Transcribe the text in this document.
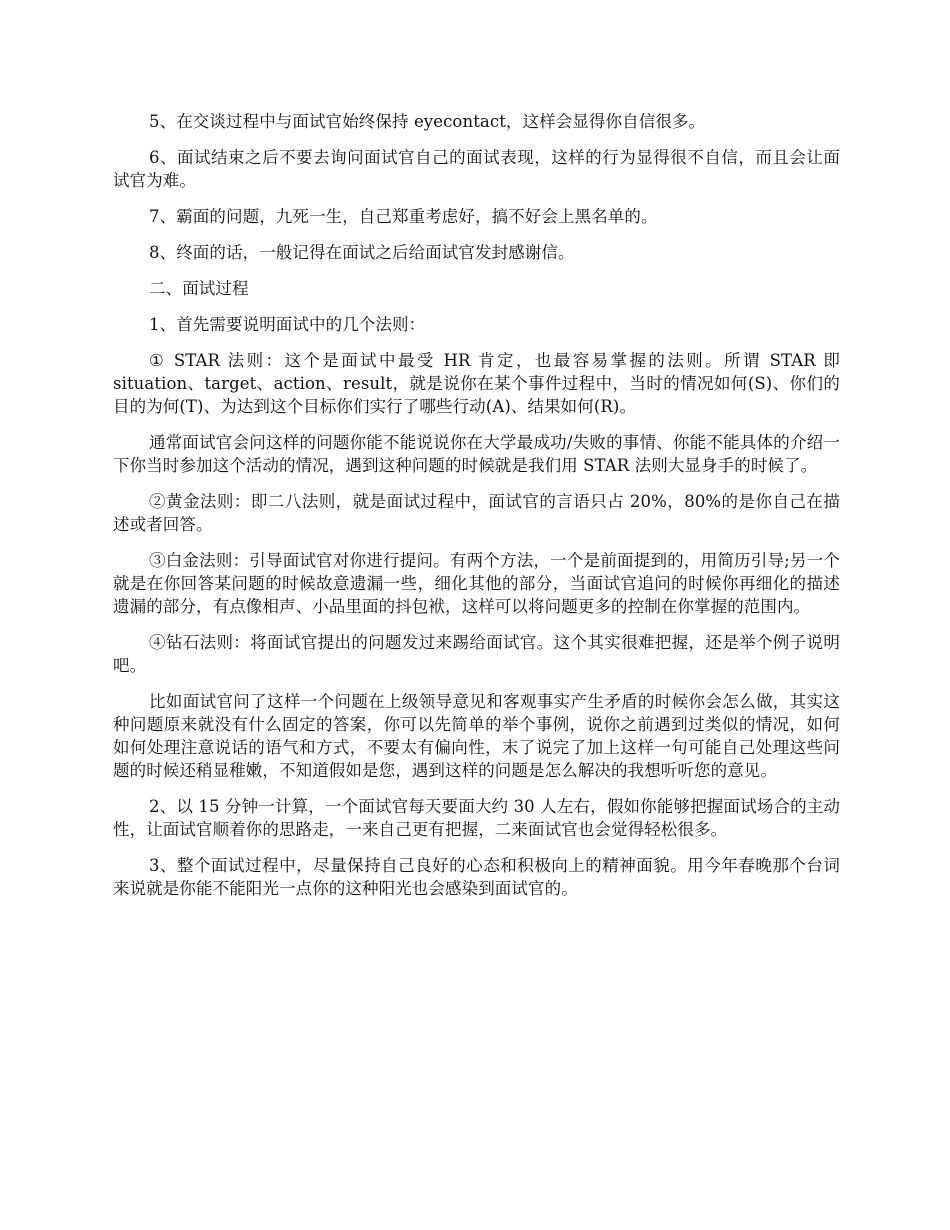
5、在交谈过程中与面试官始终保持 eyecontact，这样会显得你自信很多。

6、面试结束之后不要去询问面试官自己的面试表现，这样的行为显得很不自信，而且会让面试官为难。

7、霸面的问题，九死一生，自己郑重考虑好，搞不好会上黑名单的。

8、终面的话，一般记得在面试之后给面试官发封感谢信。

二、面试过程

1、首先需要说明面试中的几个法则：

① STAR 法则：这个是面试中最受 HR 肯定，也最容易掌握的法则。所谓 STAR 即 situation、target、action、result，就是说你在某个事件过程中，当时的情况如何(S)、你们的目的为何(T)、为达到这个目标你们实行了哪些行动(A)、结果如何(R)。

通常面试官会问这样的问题你能不能说说你在大学最成功/失败的事情、你能不能具体的介绍一下你当时参加这个活动的情况，遇到这种问题的时候就是我们用 STAR 法则大显身手的时候了。

②黄金法则：即二八法则，就是面试过程中，面试官的言语只占 20%，80%的是你自己在描述或者回答。

③白金法则：引导面试官对你进行提问。有两个方法，一个是前面提到的，用简历引导;另一个就是在你回答某问题的时候故意遗漏一些，细化其他的部分，当面试官追问的时候你再细化的描述遗漏的部分，有点像相声、小品里面的抖包袱，这样可以将问题更多的控制在你掌握的范围内。

④钻石法则：将面试官提出的问题发过来踢给面试官。这个其实很难把握，还是举个例子说明吧。

比如面试官问了这样一个问题在上级领导意见和客观事实产生矛盾的时候你会怎么做，其实这种问题原来就没有什么固定的答案，你可以先简单的举个事例，说你之前遇到过类似的情况，如何如何处理注意说话的语气和方式，不要太有偏向性，末了说完了加上这样一句可能自己处理这些问题的时候还稍显稚嫩，不知道假如是您，遇到这样的问题是怎么解决的我想听听您的意见。

2、以 15 分钟一计算，一个面试官每天要面大约 30 人左右，假如你能够把握面试场合的主动性，让面试官顺着你的思路走，一来自己更有把握，二来面试官也会觉得轻松很多。

3、整个面试过程中，尽量保持自己良好的心态和积极向上的精神面貌。用今年春晚那个台词来说就是你能不能阳光一点你的这种阳光也会感染到面试官的。
